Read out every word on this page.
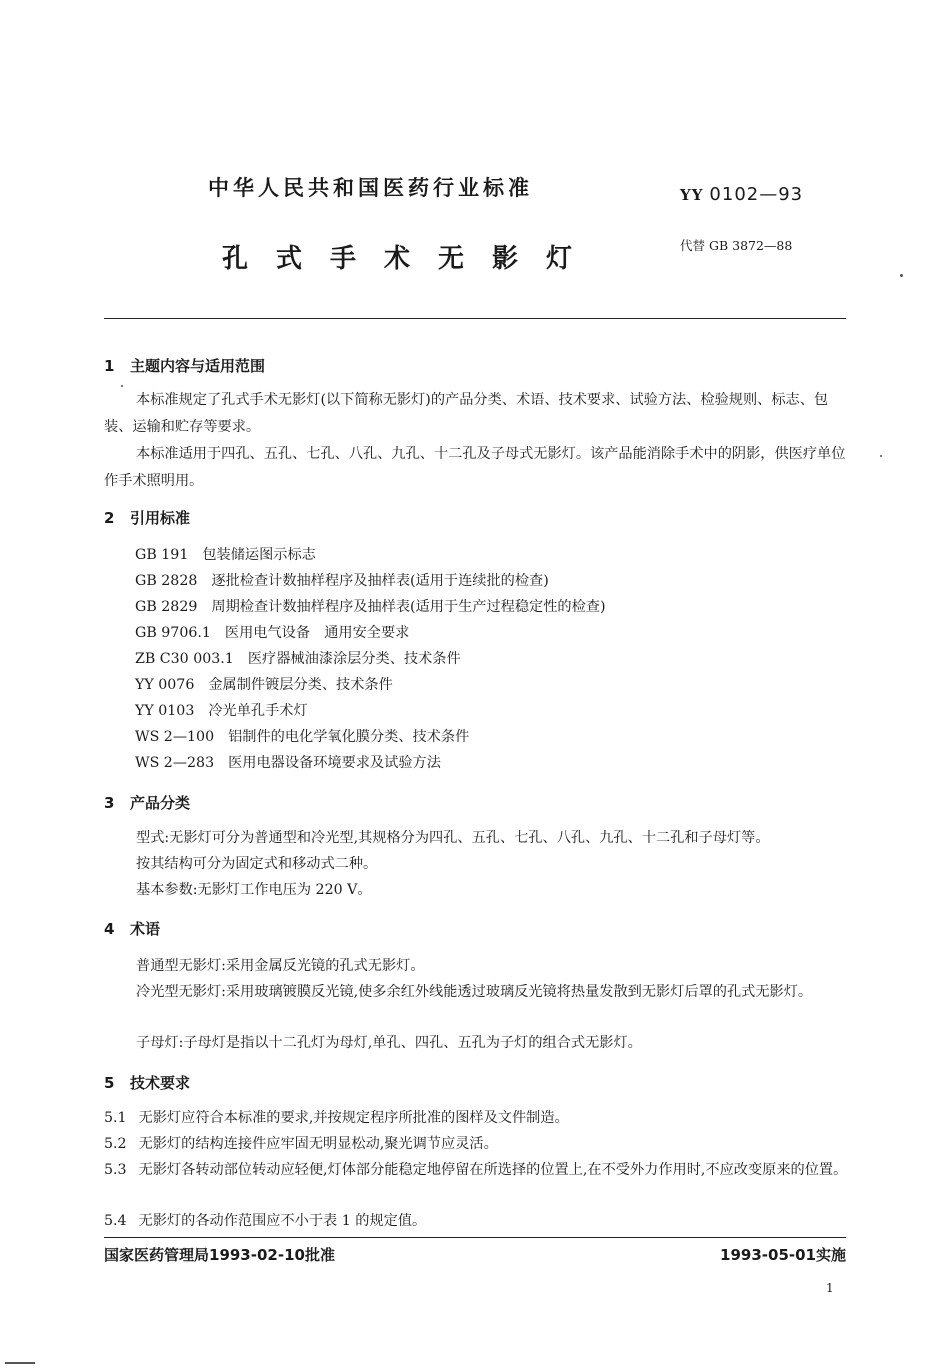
中华人民共和国医药行业标准	YY 0102—93
孔式手术无影灯	代替 GB 3872—88
1 主题内容与适用范围
本标准规定了孔式手术无影灯(以下简称无影灯)的产品分类、术语、技术要求、试验方法、检验规则、标志、包装、运输和贮存等要求。
本标准适用于四孔、五孔、七孔、八孔、九孔、十二孔及子母式无影灯。该产品能消除手术中的阴影，供医疗单位作手术照明用。
2 引用标准
GB 191 包装储运图示标志
GB 2828 逐批检查计数抽样程序及抽样表(适用于连续批的检查)
GB 2829 周期检查计数抽样程序及抽样表(适用于生产过程稳定性的检查)
GB 9706.1 医用电气设备　通用安全要求
ZB C30 003.1 医疗器械油漆涂层分类、技术条件
YY 0076 金属制件镀层分类、技术条件
YY 0103 冷光单孔手术灯
WS 2—100 铝制件的电化学氧化膜分类、技术条件
WS 2—283 医用电器设备环境要求及试验方法
3 产品分类
型式:无影灯可分为普通型和冷光型,其规格分为四孔、五孔、七孔、八孔、九孔、十二孔和子母灯等。
按其结构可分为固定式和移动式二种。
基本参数:无影灯工作电压为 220 V。
4 术语
普通型无影灯:采用金属反光镜的孔式无影灯。
冷光型无影灯:采用玻璃镀膜反光镜,使多余红外线能透过玻璃反光镜将热量发散到无影灯后罩的孔式无影灯。
子母灯:子母灯是指以十二孔灯为母灯,单孔、四孔、五孔为子灯的组合式无影灯。
5 技术要求
5.1 无影灯应符合本标准的要求,并按规定程序所批准的图样及文件制造。
5.2 无影灯的结构连接件应牢固无明显松动,聚光调节应灵活。
5.3 无影灯各转动部位转动应轻便,灯体部分能稳定地停留在所选择的位置上,在不受外力作用时,不应改变原来的位置。
5.4 无影灯的各动作范围应不小于表 1 的规定值。
国家医药管理局1993-02-10批准	1993-05-01实施
1
